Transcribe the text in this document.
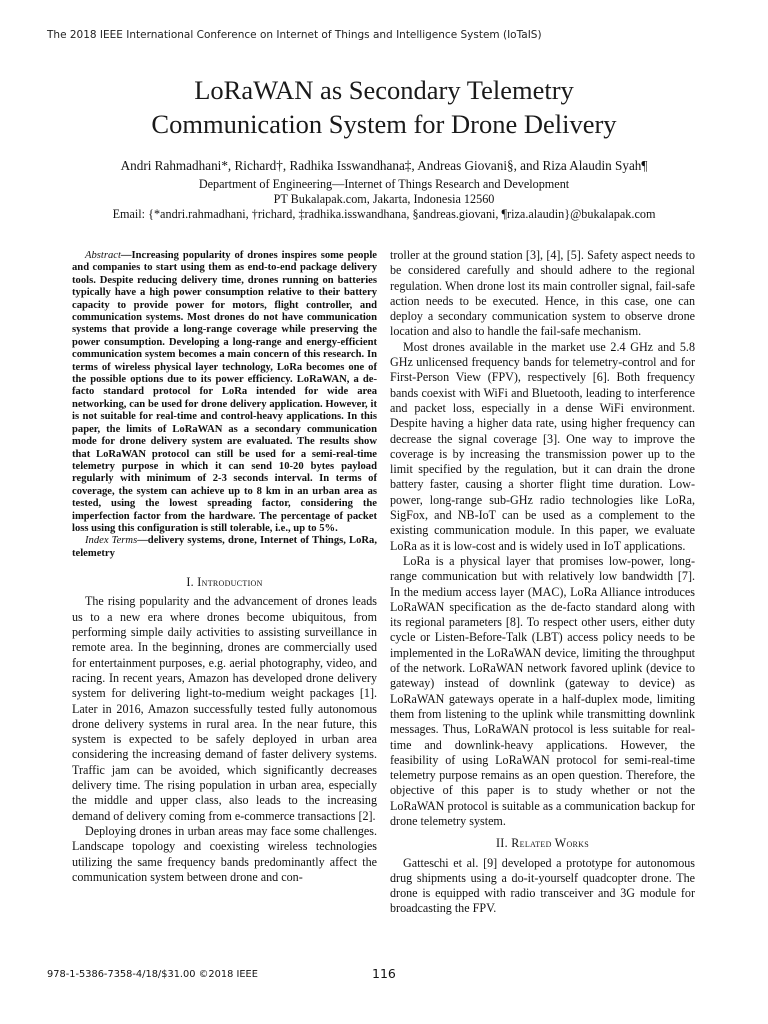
The 2018 IEEE International Conference on Internet of Things and Intelligence System (IoTaIS)
LoRaWAN as Secondary Telemetry
Communication System for Drone Delivery
Andri Rahmadhani*, Richard†, Radhika Isswandhana‡, Andreas Giovani§, and Riza Alaudin Syah¶
Department of Engineering—Internet of Things Research and Development
PT Bukalapak.com, Jakarta, Indonesia 12560
Email: {*andri.rahmadhani, †richard, ‡radhika.isswandhana, §andreas.giovani, ¶riza.alaudin}@bukalapak.com

Abstract—Increasing popularity of drones inspires some people and companies to start using them as end-to-end package delivery tools. Despite reducing delivery time, drones running on batteries typically have a high power consumption relative to their battery capacity to provide power for motors, flight controller, and communication systems. Most drones do not have communication systems that provide a long-range coverage while preserving the power consumption. Developing a long-range and energy-efficient communication system becomes a main concern of this research. In terms of wireless physical layer technology, LoRa becomes one of the possible options due to its power efficiency. LoRaWAN, a de-facto standard protocol for LoRa intended for wide area networking, can be used for drone delivery application. However, it is not suitable for real-time and control-heavy applications. In this paper, the limits of LoRaWAN as a secondary communication mode for drone delivery system are evaluated. The results show that LoRaWAN protocol can still be used for a semi-real-time telemetry purpose in which it can send 10-20 bytes payload regularly with minimum of 2-3 seconds interval. In terms of coverage, the system can achieve up to 8 km in an urban area as tested, using the lowest spreading factor, considering the imperfection factor from the hardware. The percentage of packet loss using this configuration is still tolerable, i.e., up to 5%.

Index Terms—delivery systems, drone, Internet of Things, LoRa, telemetry

I. Introduction

The rising popularity and the advancement of drones leads us to a new era where drones become ubiquitous, from performing simple daily activities to assisting surveillance in remote area. In the beginning, drones are commercially used for entertainment purposes, e.g. aerial photography, video, and racing. In recent years, Amazon has developed drone delivery system for delivering light-to-medium weight packages [1]. Later in 2016, Amazon successfully tested fully autonomous drone delivery systems in rural area. In the near future, this system is expected to be safely deployed in urban area considering the increasing demand of faster delivery systems. Traffic jam can be avoided, which significantly decreases delivery time. The rising population in urban area, especially the middle and upper class, also leads to the increasing demand of delivery coming from e-commerce transactions [2].

Deploying drones in urban areas may face some challenges. Landscape topology and coexisting wireless technologies utilizing the same frequency bands predominantly affect the communication system between drone and con-

troller at the ground station [3], [4], [5]. Safety aspect needs to be considered carefully and should adhere to the regional regulation. When drone lost its main controller signal, fail-safe action needs to be executed. Hence, in this case, one can deploy a secondary communication system to observe drone location and also to handle the fail-safe mechanism.

Most drones available in the market use 2.4 GHz and 5.8 GHz unlicensed frequency bands for telemetry-control and for First-Person View (FPV), respectively [6]. Both frequency bands coexist with WiFi and Bluetooth, leading to interference and packet loss, especially in a dense WiFi environment. Despite having a higher data rate, using higher frequency can decrease the signal coverage [3]. One way to improve the coverage is by increasing the transmission power up to the limit specified by the regulation, but it can drain the drone battery faster, causing a shorter flight time duration. Low-power, long-range sub-GHz radio technologies like LoRa, SigFox, and NB-IoT can be used as a complement to the existing communication module. In this paper, we evaluate LoRa as it is low-cost and is widely used in IoT applications.

LoRa is a physical layer that promises low-power, long-range communication but with relatively low bandwidth [7]. In the medium access layer (MAC), LoRa Alliance introduces LoRaWAN specification as the de-facto standard along with its regional parameters [8]. To respect other users, either duty cycle or Listen-Before-Talk (LBT) access policy needs to be implemented in the LoRaWAN device, limiting the throughput of the network. LoRaWAN network favored uplink (device to gateway) instead of downlink (gateway to device) as LoRaWAN gateways operate in a half-duplex mode, limiting them from listening to the uplink while transmitting downlink messages. Thus, LoRaWAN protocol is less suitable for real-time and downlink-heavy applications. However, the feasibility of using LoRaWAN protocol for semi-real-time telemetry purpose remains as an open question. Therefore, the objective of this paper is to study whether or not the LoRaWAN protocol is suitable as a communication backup for drone telemetry system.

II. Related Works

Gatteschi et al. [9] developed a prototype for autonomous drug shipments using a do-it-yourself quadcopter drone. The drone is equipped with radio transceiver and 3G module for broadcasting the FPV.

978-1-5386-7358-4/18/$31.00 ©2018 IEEE	116
